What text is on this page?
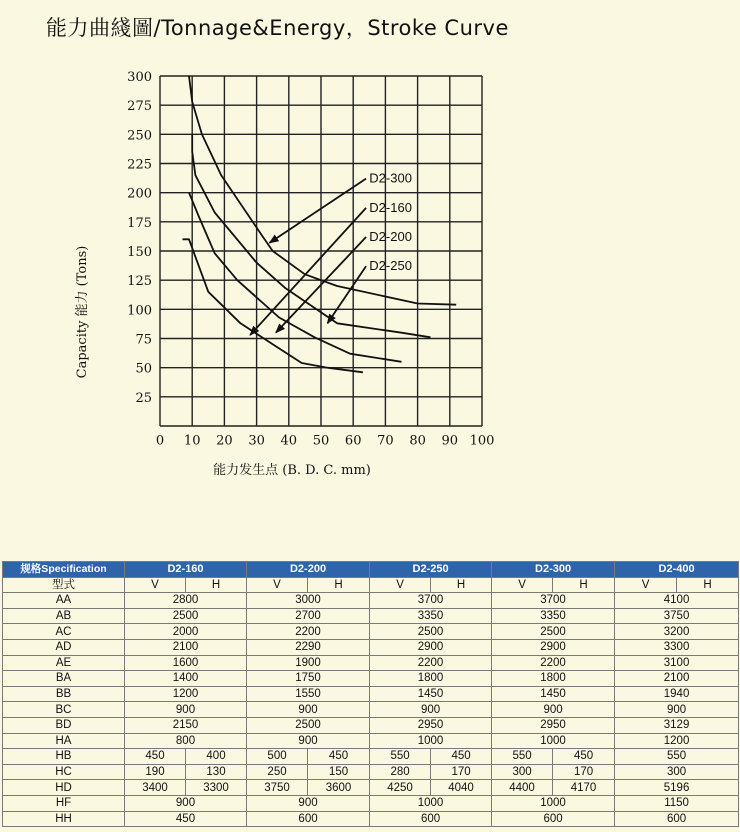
能力曲綫圖/Tonnage&Energy，Stroke Curve
300
275
250
225
200
175
150
125
100
75
50
25
0 10 20 30 40 50 60 70 80 90 100
D2-300
D2-160
D2-200
D2-250
Capacity 能力 (Tons)
能力发生点 (B. D. C. mm)
规格Specification	D2-160		D2-200		D2-250		D2-300		D2-400	
型式	V	H	V	H	V	H	V	H	V	H
AA	2800		3000		3700		3700		4100	
AB	2500		2700		3350		3350		3750	
AC	2000		2200		2500		2500		3200	
AD	2100		2290		2900		2900		3300	
AE	1600		1900		2200		2200		3100	
BA	1400		1750		1800		1800		2100	
BB	1200		1550		1450		1450		1940	
BC	900		900		900		900		900	
BD	2150		2500		2950		2950		3129	
HA	800		900		1000		1000		1200	
HB	450	400	500	450	550	450	550	450	550	
HC	190	130	250	150	280	170	300	170	300	
HD	3400	3300	3750	3600	4250	4040	4400	4170	5196	
HF	900		900		1000		1000		1150	
HH	450		600		600		600		600	
